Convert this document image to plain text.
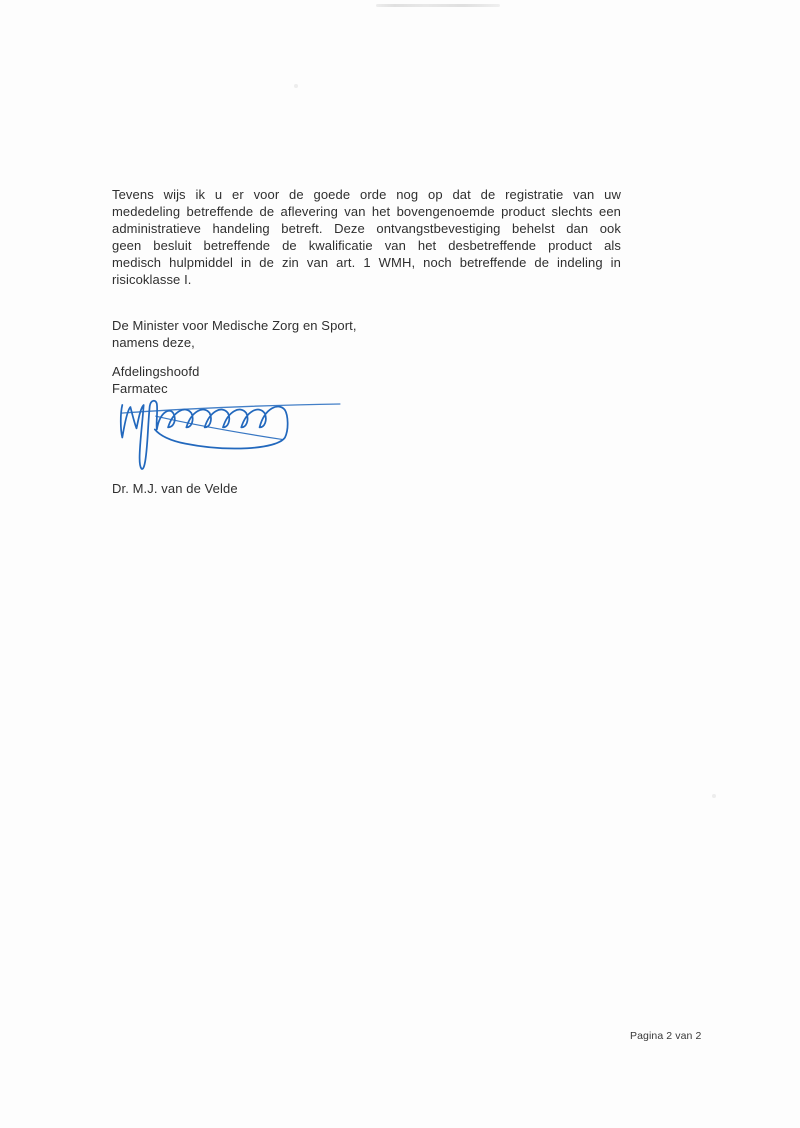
Tevens wijs ik u er voor de goede orde nog op dat de registratie van uw
mededeling betreffende de aflevering van het bovengenoemde product slechts een
administratieve handeling betreft. Deze ontvangstbevestiging behelst dan ook
geen besluit betreffende de kwalificatie van het desbetreffende product als
medisch hulpmiddel in de zin van art. 1 WMH, noch betreffende de indeling in
risicoklasse I.
De Minister voor Medische Zorg en Sport,
namens deze,
Afdelingshoofd
Farmatec
Dr. M.J. van de Velde
Pagina 2 van 2
